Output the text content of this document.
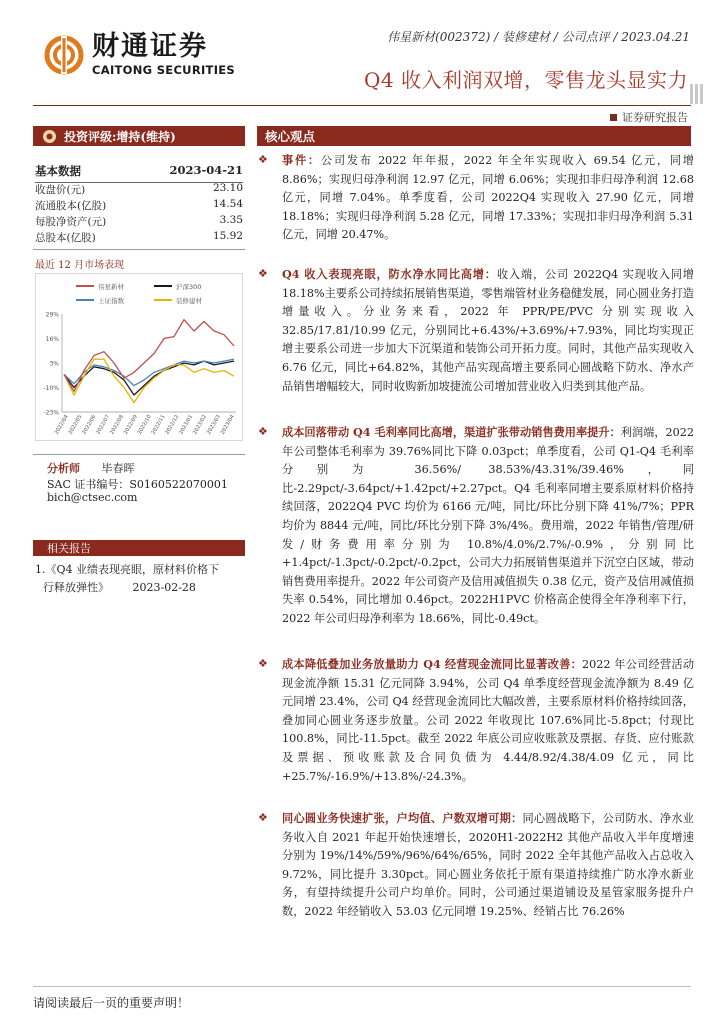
财通证券
CAITONG SECURITIES
伟星新材(002372) / 装修建材 / 公司点评 / 2023.04.21
Q4 收入利润双增，零售龙头显实力
证券研究报告
投资评级:增持(维持)
基本数据	2023-04-21
收盘价(元)	23.10
流通股本(亿股)	14.54
每股净资产(元)	3.35
总股本(亿股)	15.92
最近 12 月市场表现
伟星新材	沪深300
上证指数	装修建材
29%
16%
3%
-10%
-23%
2022/04
2022/05
2022/06
2022/07
2022/08
2022/09
2022/10
2022/11
2022/12
2023/01
2023/02
2023/03
2023/04
分析师 毕春晖
SAC 证书编号：S0160522070001
bich@ctsec.com
相关报告
1.《Q4 业绩表现亮眼，原材料价格下
行释放弹性》 2023-02-28
核心观点
❖	事件：公司发布 2022 年年报，2022 年全年实现收入 69.54 亿元，同增 8.86%；实现归母净利润 12.97 亿元，同增 6.06%；实现扣非归母净利润 12.68 亿元，同增 7.04%。单季度看，公司 2022Q4 实现收入 27.90 亿元，同增 18.18%；实现归母净利润 5.28 亿元，同增 17.33%；实现扣非归母净利润 5.31 亿元，同增 20.47%。
❖	Q4 收入表现亮眼，防水净水同比高增：收入端，公司 2022Q4 实现收入同增 18.18%主要系公司持续拓展销售渠道，零售端管材业务稳健发展，同心圆业务打造增量收入。分业务来看，2022 年 PPR/PE/PVC 分别实现收入 32.85/17.81/10.99 亿元，分别同比+6.43%/+3.69%/+7.93%，同比均实现正增主要系公司进一步加大下沉渠道和装饰公司开拓力度。同时，其他产品实现收入 6.76 亿元，同比+64.82%，其他产品实现高增主要系同心圆战略下防水、净水产品销售增幅较大，同时收购新加坡捷流公司增加营业收入归类到其他产品。
❖	成本回落带动 Q4 毛利率同比高增，渠道扩张带动销售费用率提升：利润端，2022 年公司整体毛利率为 39.76%同比下降 0.03pct；单季度看，公司 Q1-Q4 毛利率分别为 36.56%/ 38.53%/43.31%/39.46%，同比-2.29pct/-3.64pct/+1.42pct/+2.27pct。Q4 毛利率同增主要系原材料价格持续回落，2022Q4 PVC 均价为 6166 元/吨，同比/环比分别下降 41%/7%；PPR 均价为 8844 元/吨，同比/环比分别下降 3%/4%。费用端，2022 年销售/管理/研发/财务费用率分别为 10.8%/4.0%/2.7%/-0.9%，分别同比+1.4pct/-1.3pct/-0.2pct/-0.2pct，公司大力拓展销售渠道并下沉空白区域，带动销售费用率提升。2022 年公司资产及信用减值损失 0.38 亿元，资产及信用减值损失率 0.54%，同比增加 0.46pct。2022H1PVC 价格高企使得全年净利率下行，2022 年公司归母净利率为 18.66%，同比-0.49ct。
❖	成本降低叠加业务放量助力 Q4 经营现金流同比显著改善：2022 年公司经营活动现金流净额 15.31 亿元同降 3.94%，公司 Q4 单季度经营现金流净额为 8.49 亿元同增 23.4%，公司 Q4 经营现金流同比大幅改善，主要系原材料价格持续回落，叠加同心圆业务逐步放量。公司 2022 年收现比 107.6%同比-5.8pct；付现比 100.8%，同比-11.5pct。截至 2022 年底公司应收账款及票据、存货、应付账款及票据、预收账款及合同负债为 4.44/8.92/4.38/4.09 亿元，同比+25.7%/-16.9%/+13.8%/-24.3%。
❖	同心圆业务快速扩张，户均值、户数双增可期：同心圆战略下，公司防水、净水业务收入自 2021 年起开始快速增长，2020H1-2022H2 其他产品收入半年度增速分别为 19%/14%/59%/96%/64%/65%，同时 2022 全年其他产品收入占总收入 9.72%，同比提升 3.30pct。同心圆业务依托于原有渠道持续推广防水净水新业务，有望持续提升公司户均单价。同时，公司通过渠道铺设及星管家服务提升户数，2022 年经销收入 53.03 亿元同增 19.25%、经销占比 76.26%
请阅读最后一页的重要声明！
